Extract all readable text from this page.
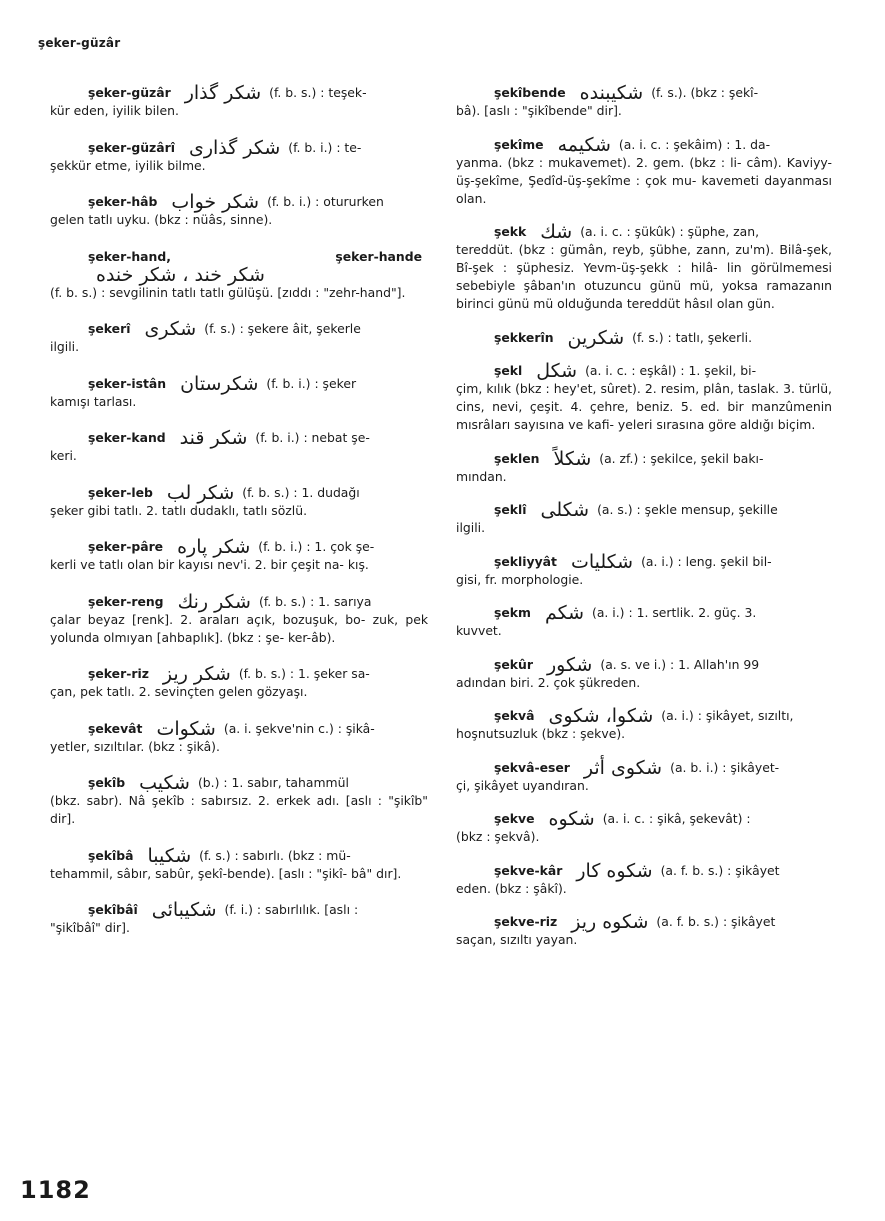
şeker-güzâr
şeker-güzâr شكر گذار (f. b. s.) : teşek-
kür eden, iyilik bilen.
şeker-güzârî شكر گذارى (f. b. i.) : te-
şekkür etme, iyilik bilme.
şeker-hâb شكر خواب (f. b. i.) : otururken
gelen tatlı uyku. (bkz : nüâs, sinne).
şeker-hand, şeker-handeشكر خند ، شكر خنده
(f. b. s.) : sevgilinin tatlı tatlı gülüşü. [zıddı : "zehr-hand"].
şekerî شكرى (f. s.) : şekere âit, şekerle
ilgili.
şeker-istân شكرستان (f. b. i.) : şeker
kamışı tarlası.
şeker-kand شكر قند (f. b. i.) : nebat şe-
keri.
şeker-leb شكر لب (f. b. s.) : 1. dudağı
şeker gibi tatlı. 2. tatlı dudaklı, tatlı sözlü.
şeker-pâre شكر پاره (f. b. i.) : 1. çok şe-
kerli ve tatlı olan bir kayısı nev'i. 2. bir çeşit na- kış.
şeker-reng شكر رنك (f. b. s.) : 1. sarıya
çalar beyaz [renk]. 2. araları açık, bozuşuk, bo- zuk, pek yolunda olmıyan [ahbaplık]. (bkz : şe- ker-âb).
şeker-riz شكر ريز (f. b. s.) : 1. şeker sa-
çan, pek tatlı. 2. sevinçten gelen gözyaşı.
şekevât شكوات (a. i. şekve'nin c.) : şikâ-
yetler, sızıltılar. (bkz : şikâ).
şekîb شكيب (b.) : 1. sabır, tahammül
(bkz. sabr). Nâ şekîb : sabırsız. 2. erkek adı. [aslı : "şikîb" dir].
şekîbâ شكيبا (f. s.) : sabırlı. (bkz : mü-
tehammil, sâbır, sabûr, şekî-bende). [aslı : "şikî- bâ" dır].
şekîbâî شكيبائى (f. i.) : sabırlılık. [aslı :
"şikîbâî" dir].
şekîbende شكيبنده (f. s.). (bkz : şekî-
bâ). [aslı : "şikîbende" dir].
şekîme شكيمه (a. i. c. : şekâim) : 1. da-
yanma. (bkz : mukavemet). 2. gem. (bkz : li- câm). Kaviyy-üş-şekîme, Şedîd-üş-şekîme : çok mu- kavemeti dayanması olan.
şekk شك (a. i. c. : şükûk) : şüphe, zan,
tereddüt. (bkz : gümân, reyb, şübhe, zann, zu'm). Bilâ-şek, Bî-şek : şüphesiz. Yevm-üş-şekk : hilâ- lin görülmemesi sebebiyle şâban'ın otuzuncu günü mü, yoksa ramazanın birinci günü mü olduğunda tereddüt hâsıl olan gün.
şekkerîn شكرين (f. s.) : tatlı, şekerli.
şekl شكل (a. i. c. : eşkâl) : 1. şekil, bi-
çim, kılık (bkz : hey'et, sûret). 2. resim, plân, taslak. 3. türlü, cins, nevi, çeşit. 4. çehre, beniz. 5. ed. bir manzûmenin mısrâları sayısına ve kafi- yeleri sırasına göre aldığı biçim.
şeklen شكلاً (a. zf.) : şekilce, şekil bakı-
mından.
şeklî شكلى (a. s.) : şekle mensup, şekille
ilgili.
şekliyyât شكليات (a. i.) : leng. şekil bil-
gisi, fr. morphologie.
şekm شكم (a. i.) : 1. sertlik. 2. güç. 3.
kuvvet.
şekûr شكور (a. s. ve i.) : 1. Allah'ın 99
adından biri. 2. çok şükreden.
şekvâ شكوا، شكوى (a. i.) : şikâyet, sızıltı,
hoşnutsuzluk (bkz : şekve).
şekvâ-eser شكوى أثر (a. b. i.) : şikâyet-
çi, şikâyet uyandıran.
şekve شكوه (a. i. c. : şikâ, şekevât) :
(bkz : şekvâ).
şekve-kâr شكوه كار (a. f. b. s.) : şikâyet
eden. (bkz : şâkî).
şekve-riz شكوه ريز (a. f. b. s.) : şikâyet
saçan, sızıltı yayan.
1182
